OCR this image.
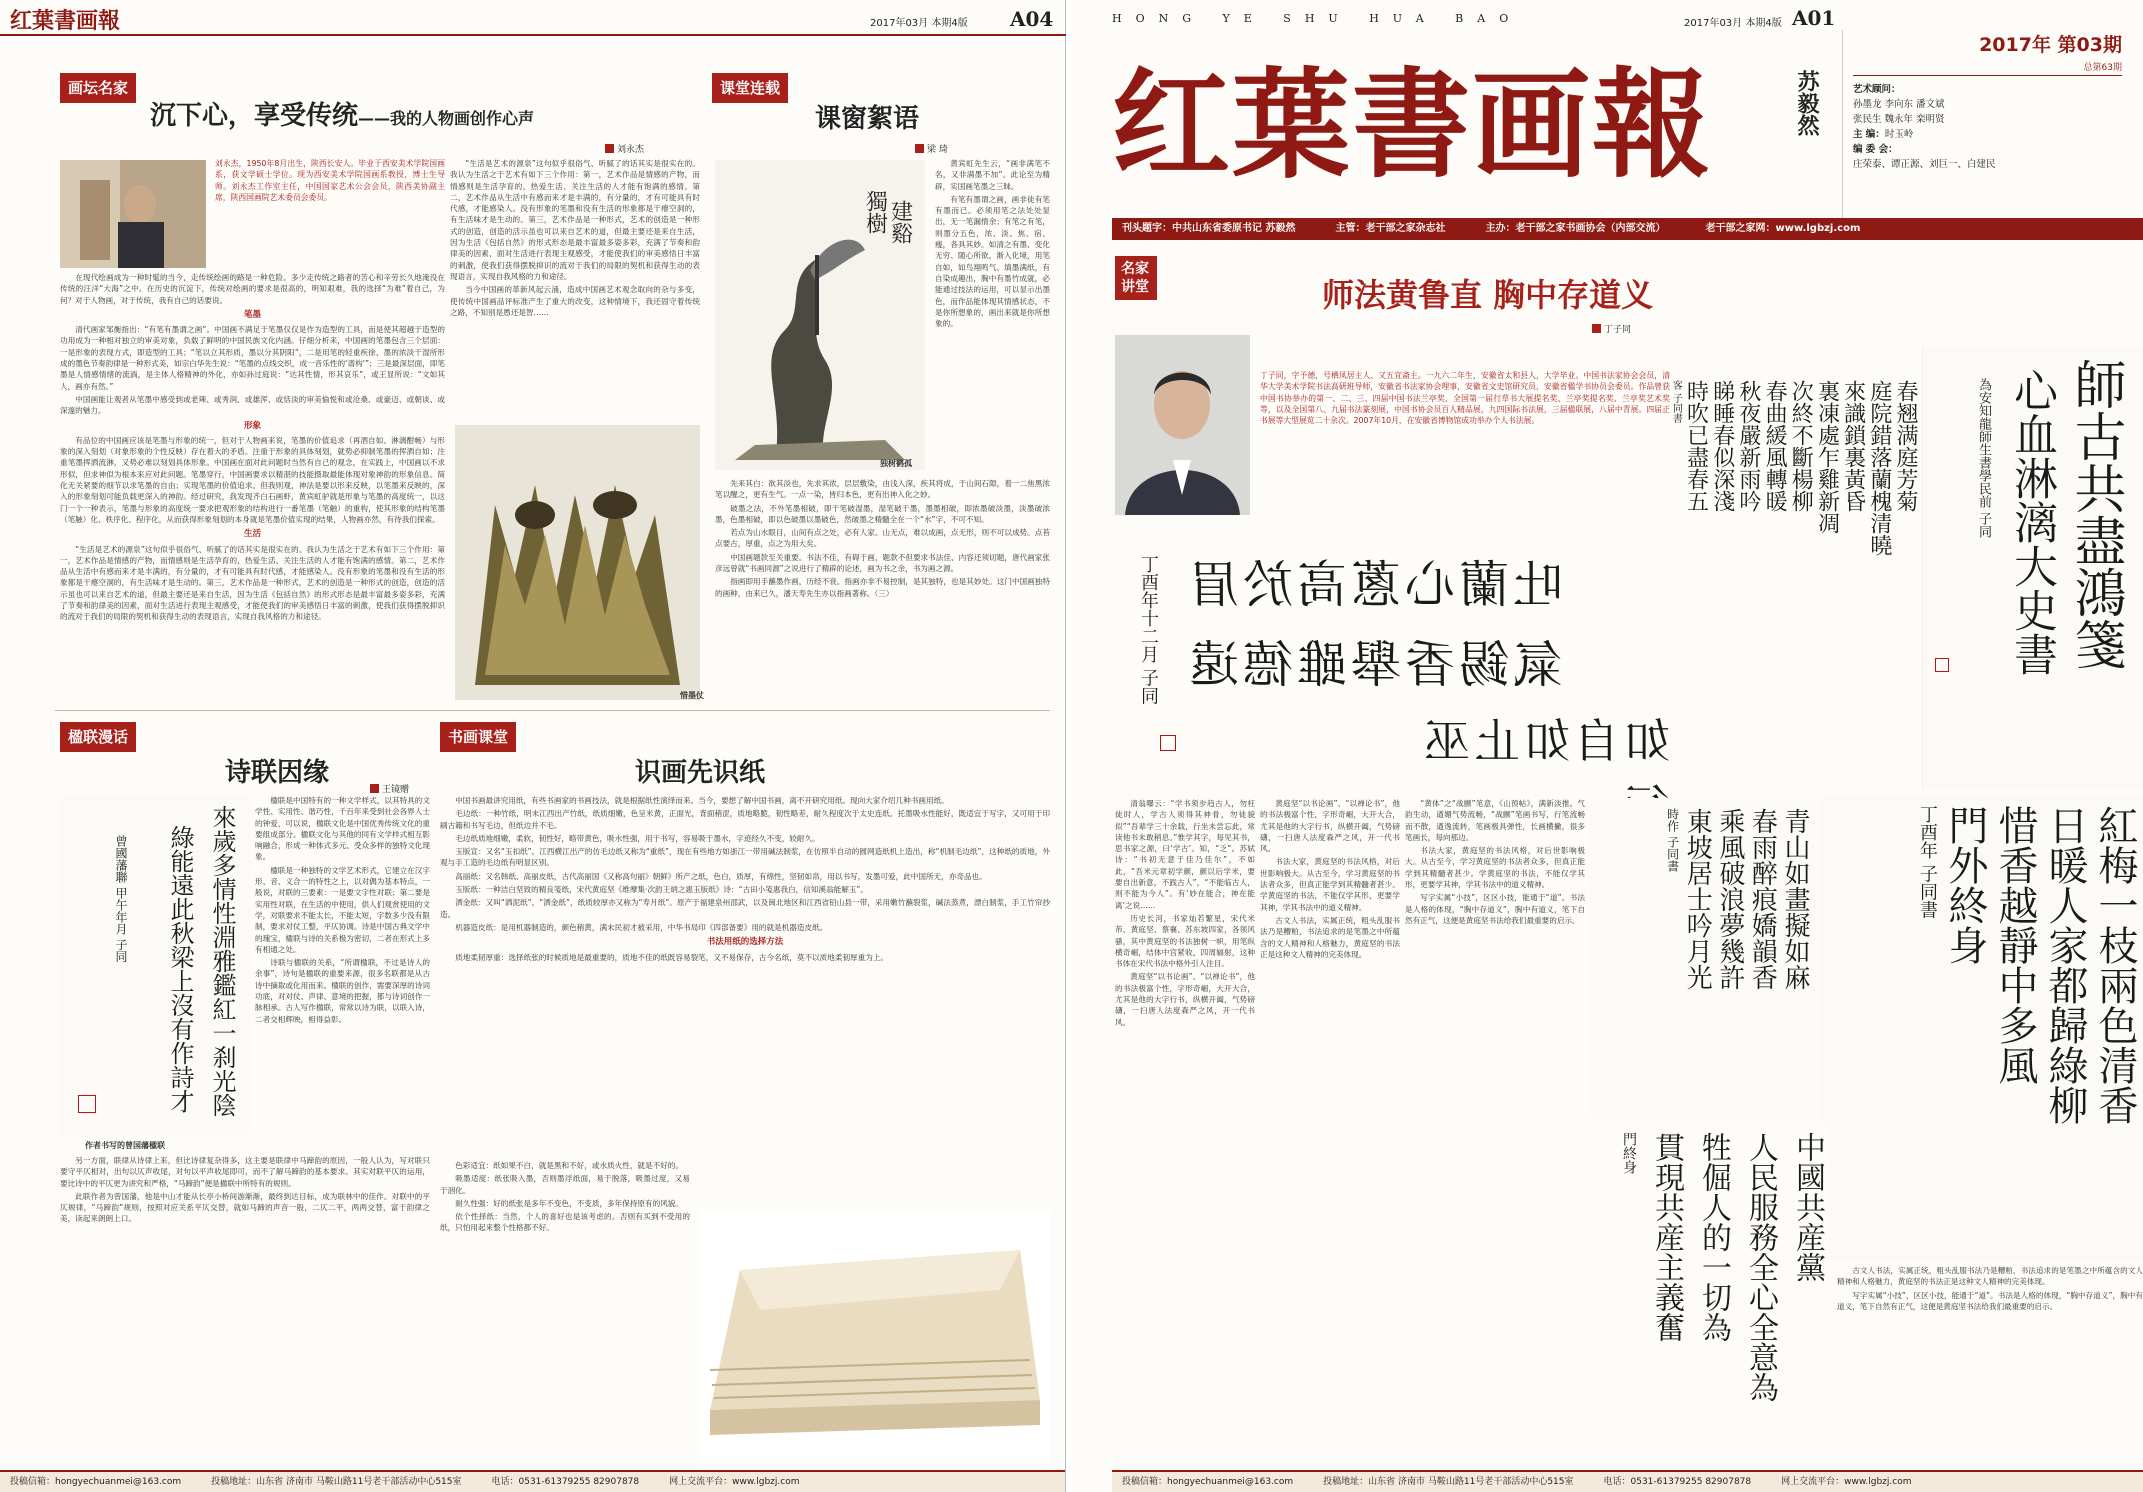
红葉書画報	2017年03月 本期4版 A04
画坛名家
沉下心，享受传统——我的人物画创作心声
刘永杰
刘永杰，1950年8月出生，陕西长安人。毕业于西安美术学院国画系，获文学硕士学位。现为西安美术学院国画系教授，博士生导师。刘永杰工作室主任，中国国家艺术公会会员，陕西美协副主席，陕西国画院艺术委员会委员。

在现代绘画成为一种时髦的当今，走传统绘画的路是一种危险。多少走传统之路者的苦心和辛劳长久地淹没在传统的汪洋“大海”之中。在历史的沉淀下，传统对绘画的要求是很高的，明知艰难，我的选择“为难”着自己，为何？对于人物画，对于传统，我有自己的话要说。

笔墨

清代画家邹衡指出：“有笔有墨谓之画”。中国画不满足于笔墨仅仅是作为造型的工具，而是使其超越于造型的功用成为一种相对独立的审美对象，负载了鲜明的中国民族文化内涵。仔细分析来，中国画的笔墨包含三个层面：一是形象的表现方式，即造型的工具；“笔以立其形质，墨以分其阴阳”，二是用笔的轻重疾徐、墨的浓淡干湿所形成的墨色节奏韵律是一种形式美，如宗白华先生说：“笔墨的点线交织，成一音乐性的‘谱构’”；三是最深层面，即笔墨是人情感情绪的流淌，是主体人格精神的外化，亦如孙过庭说：“达其性情，形其哀乐”，或王显所说：“文如其人，画亦有然。”

中国画能让观者从笔墨中感受到或老辣、或秀润、或雄浑、或恬淡的审美愉悦和或沧桑、或豪迈、或朝谈、或深邃的魅力。

形象

有品位的中国画应该是笔墨与形象的统一，但对于人物画来说，笔墨的价值追求（再酒自如、淋漓酣畅）与形象的深入刻划（对象形象的个性反映）存在着大的矛盾。注重于形象的具体刻划，就势必抑制笔墨的挥洒自如；注重笔墨挥洒流淋，又势必难以刻划具体形象。中国画在面对此问题时当然有自己的观念，在实践上，中国画以不求形似，但求神似为根本来应对此问题。笔墨穿行，中国画要求以精湛的技能摄取最能体现对象神韵的形象信息。简化无关紧要的细节以求笔墨的自由；实现笔墨的价值追求。但我则观，神法是要以形来反映，以笔墨来反映的，深入的形象刻划可能负载更深入的神韵。经过研究，我发现齐白石画虾，黄宾虹驴就是形象与笔墨的高度统一，以这门一个一种表示，笔墨与形象的高度统一要求把观形象的结构进行一番笔墨（笔触）的重构，使其形象的结构笔墨（笔触）化、秩序化、程序化，从而获得形象刻划的本身就是笔墨价值实现的结果，人物画亦然，有待我们探索。

生活

“生活是艺术的源泉”这句似乎很俗气、听腻了的话其实是很实在的。我认为生活之于艺术有如下三个作用：第一，艺术作品是情感的产物，而情感则是生活孕育的，热爱生活、关注生活的人才能有饱满的感情。第二，艺术作品从生活中有感而来才是丰满的，有分量的，才有可能具有时代感，才能感染人。没有形象的笔墨和没有生活的形象都是干瘪空洞的，有生活味才是生动的。第三，艺术作品是一种形式，艺术的创造是一种形式的创造，创造的活示虽也可以来自艺术的道，但最主要还是来自生活，因为生活《包括自然》的形式形态是最丰富最多姿多彩，充满了节奏和韵律美的因素，面对生活进行表现主观感受，才能使我们的审美感悟日丰富的刺激，使我们获得摆脱抑识的流对于我们的局限的契机和获得生动的表现语言，实现自我风格的力和途径。

“生活是艺术的源泉”这句似乎很俗气、听腻了的话其实是很实在的。我认为生活之于艺术有如下三个作用：第一，艺术作品是情感的产物，而情感则是生活孕育的，热爱生活、关注生活的人才能有饱满的感情。第二，艺术作品从生活中有感而来才是丰满的，有分量的，才有可能具有时代感，才能感染人。没有形象的笔墨和没有生活的形象都是干瘪空洞的，有生活味才是生动的。第三，艺术作品是一种形式，艺术的创造是一种形式的创造，创造的活示虽也可以来自艺术的道，但最主要还是来自生活，因为生活《包括自然》的形式形态是最丰富最多姿多彩，充满了节奏和韵律美的因素，面对生活进行表现主观感受，才能使我们的审美感悟日丰富的刺激，使我们获得摆脱抑识的流对于我们的局限的契机和获得生动的表现语言，实现自我风格的力和途径。

当今中国画的革新风起云涌，造成中国画艺术观念取向的杂与多变，使传统中国画品评标准产生了重大的改变，这种情境下，我还固守着传统之路，不知别是愚还是智……

惜墨仗
课堂连载
课窗絮语
梁 琦
建谿
獨樹
独树鹤孤

黄宾虹先生云，“画非满笔不名，又非满墨不加”。此论至为精辟，实国画笔墨之三昧。

有笔有墨谓之画，画非徒有笔有墨而已。必须用笔之法处处显出，无一笔漏惰余；有笔之有笔，则墨分五色，浓、淡、焦、宿、瘦，各具其妙。如清之有墨、变化无穷、随心所欲，渐入化境，用笔自如，如鸟翔鸣气、填墨满纸，有自染成趣出，胸中有墨竹成就，必能通过技法的运用，可以显示出墨色，而作品能体现其情感状态，不是你所想象的，画出来就是你所想象的。

先来其白：欲其淡也，先求其浓，层层敷染，由浅入深，疾其将成，于山间石隙，着一二焦黑浓笔以醒之，更有生气。一点一染，皆归本色，更有出神入化之妙。

破墨之法，不外笔墨相破，即干笔破湿墨，湿笔破干墨，墨墨相破，即浓墨破淡墨，淡墨破浓墨，色墨相破，即以色破墨以墨破色，然破墨之精髓全在一个“水”字，不可不知。

若点为山水眼目，山间有点之处，必有人家。山无点，难以成画，点无形，则不可以成势。点苔点要古，厚重，点之为用大矣。

中国画题款至关重要。书法不佳，有碍于画，题款不但要求书法佳、内容还须切题，唐代画家张彦远曾就“书画同源”之说进行了精辟的论述，画为书之余，书为画之源。

指画即用手蘸墨作画，历经不衰。指画亦非不易控制，是其独特，也是其妙处。这门中国画独特的画种，由来已久，潘天寿先生亦以指画著称。（三）

楹联漫话
诗联因缘
王镜赠
來歲多情性淵雅鑑紅一刹光陰
綠能遠此秋梁上沒有作詩才
曾國藩聯 甲午年月 子同
作者书写的曾国藩楹联

楹联是中国特有的一种文学样式，以其特具的文学性、实用性、谐巧性，千百年来受到社会各界人士的钟爱，可以说，楹联文化是中国优秀传统文化的重要组成部分。楹联文化与其他的同有文学样式相互影响融合，形成一种体式多元、受众多样的独特文化现象。

楹联是一种独特的文学艺术形式，它建立在汉字形、音、义合一的特性之上，以对偶为基本特点，一般说，对联的三要素：一是要文字性对联；第二要是实用性对联，在生活的中使用，供人们观赏使用的文学，对联要求不能太长，不能太短，字数多少没有限制，要求对仗工整，平仄协调。诗是中国古典文学中的瑰宝，楹联与诗的关系极为密切，二者在形式上多有相通之处。

诗联与楹联的关系，“所谓楹联，不过是诗人的余事”，诗句是楹联的重要来源，很多名联都是从古诗中摘取或化用而来。楹联的创作，需要深厚的诗词功底，对对仗、声律、意境的把握，都与诗词创作一脉相承。古人写作楹联，常常以诗为联，以联入诗，二者交相辉映，相得益彰。

另一方面，联律从诗律上来，但比诗律复杂得多，这主要是联律中马蹄韵的原因，一般人认为，写对联只要守平仄相对，出句以仄声收尾，对句以平声收尾即可，而不了解马蹄韵的基本要求。其实对联平仄的运用，要比诗中的平仄更为讲究和严格，“马蹄韵”便是楹联中所特有的规则。

此联作者为曾国藩，他是中山才能从长亭小桥间游渐渐，最终到达目标，成为联林中的佳作。对联中的平仄规律，“马蹄韵”规则，按照对应关系平仄交替，就如马蹄的声音一般，二仄二平，两两交替，富于韵律之美，读起来朗朗上口。

书画课堂
识画先识纸

中国书画最讲究用纸，有些书画家的书画技法，就是根据纸性演绎而来。当今，要想了解中国书画，离不开研究用纸。现向大家介绍几种书画用纸。

毛边纸：一种竹纸，明末江西出产竹纸，纸质细嫩，色呈米黄，正面光，背面稍涩，质地略脆，韧性略差，耐久程度次于太史连纸。托墨吸水性能好，既适宜于写字，又可用于印刷古籍和书写毛边，但纸边并不毛。

毛边纸质地细嫩，柔软，韧性好，略带黄色，吸水性强，用于书写，容易吸于墨水，字迹经久不变，较耐久。

玉版宣：又名“玉扣纸”。江西横江出产的仿毛边纸又称为“重纸”，现在有些地方如浙江一带用碱法制浆，在仿照半自动的圆网造纸机上造出，称“机制毛边纸”，这种纸的质地，外观与手工造的毛边纸有明显区别。

高丽纸：又名韩纸、高丽皮纸，古代高丽国《又称高句丽》朝鲜》所产之纸，色白，质厚，有绵性，坚韧如帛，用以书写，发墨可爱，此中国所无，亦奇品也。

玉版纸：一种洁白坚致的精良笺纸，宋代黄庭坚《维摩集·次韵王炳之惠玉版纸》诗：“古田小笺惠我白，信知溪翁能解玉”。

洒金纸：又叫“洒泥纸”、“洒金纸”，纸质较厚亦又称为“寿月纸”。原产于福建泉州邵武，以及闽北地区和江西省铅山县一带，采用嫩竹蘸裂浆，碱法蒸煮，漂白制浆，手工竹帘抄造。

机器造皮纸：是用机器制造的，颜色稍黄，满未民初才被采用，中华书局印《四部备要》用的就是机器造皮纸。

书法用纸的选择方法

质地柔韧厚重：选择纸张的时候质地是最重要的，质地不佳的纸既容易裂笔，又不易保存，古今名纸，莫不以质地柔韧厚重为上。

色彩适宜：纸如果不白，就是黑和不好，或水质火性，就是不好的。

吸墨适度：纸张吸入墨，否则墨浮纸面，易于脱落，吸墨过度，又易于洇化。

耐久性强：好的纸张是多年不变色，不变质，多年保持原有的风貌。

依个性择纸：当然，个人的喜好也是该考虑的。否则有买到不受用的纸，只怕用起来整个性格都不好。

投稿信箱：hongyechuanmei@163.com	投稿地址：山东省 济南市 马鞍山路11号老干部活动中心515室	电话：0531-61379255 82907878	网上交流平台：www.lgbzj.com
HONG YE SHU HUA BAO	2017年03月 本期4版 A01
红葉書画報	苏毅然
2017年 第03期
总第63期
艺术顾问：
孙墨龙 李向东 潘文斌
张民生 魏永年 栾明贤
主 编：时玉岭
编 委 会：
庄荣泰、谭正源、刘巨一、白建民
刊头题字：中共山东省委原书记 苏毅然	主管：老干部之家杂志社	主办：老干部之家书画协会（内部交流）	老干部之家网：www.lgbzj.com
名家讲堂	师法黄鲁直 胸中存道义
丁子同
丁子同，字予德，号栖凤居主人、又五宜斋主。一九六二年生，安徽省太和县人，大学毕业。中国书法家协会会员，清华大学美术学院书法高研班导师，安徽省书法家协会理事，安徽省文史馆研究员，安徽省楹学书协员会委员。作品曾获中国书协举办的第一、二、三、四届中国书法兰亭奖，全国第一届行草书大展提名奖、兰亭奖提名奖、兰亭奖艺术奖等，以及全国第八、九届书法篆刻展，中国书协会员百人精品展，九四国际书法展，三届楹联展，八届中青展。四届正书展等大型展览二十余次。2007年10月，在安徽省博物馆成功举办个人书法展。
吐蘭心蔥高於眉
氣錫香舉雖德遠
如自如止巫
丁酉年十二月 子同
春翘满庭芳菊
庭院錯落蘭槐清曉
來識鎖裏黃昏
裏凍處乍雞新凋
次終不斷楊柳
春曲緩風轉暖
秋夜嚴新雨吟
睇睡春似深淺
時吹已盡春五
客 子同書	師古共盡鴻箋
心血淋漓大史書
為安知龍師生書學民前 子同

清翁曝云：“学书须步趋古人，勿枉徒时人，学古人须得其神骨，勿徒貌似”“吾辈学三十余载，行坐未尝忘此，常读他书未敢稍息。”惟学其字，每见其书，思书家之源，曰‘学古’。知，“乏”。苏轼诗：“书初无意于佳乃佳尔”，不如此，“吾米元章初学颜，颜以后学米，要要自出新意，不践古人”，“不能临古人，则不能为今人”。有‘妙在能合，神在能离’之说……

历史长河，书家灿若繁星，宋代米芾、黄庭坚、蔡襄、苏东坡四家，各领风骚，其中黄庭坚的书法独树一帜，用笔纵横奇崛，结体中宫紧收，四周辐射，这种书体在宋代书法中格外引人注目。

黄庭坚“以书论画”、“以禅论书”，他的书法极富个性，字形奇崛，大开大合，尤其是他的大字行书，纵横开阖，气势磅礴，一扫唐人法度森严之风，开一代书风。

黄庭坚“以书论画”、“以禅论书”，他的书法极富个性，字形奇崛，大开大合，尤其是他的大字行书，纵横开阖，气势磅礴，一扫唐人法度森严之风，开一代书风。

书法大家，黄庭坚的书法风格，对后世影响极大。从古至今，学习黄庭坚的书法者众多，但真正能学到其精髓者甚少。学黄庭坚的书法，不能仅学其形，更要学其神，学其书法中的道义精神。

古文人书法，实属正统，粗头乱服书法乃是糟粕，书法追求的是笔墨之中所蕴含的文人精神和人格魅力，黄庭坚的书法正是这种文人精神的完美体现。

“黄体”之“战颤”笔意，《山预帖》，满新淡推。气韵生动，遒媚气势流畅，“战颤”笔画书写，行笔流畅而不散，遒逸流转，笔画极具弹性，长画横撇，很多笔画长，每向那边。

书法大家，黄庭坚的书法风格，对后世影响极大。从古至今，学习黄庭坚的书法者众多，但真正能学到其精髓者甚少。学黄庭坚的书法，不能仅学其形，更要学其神，学其书法中的道义精神。

写字实属“小技”，区区小技，能通于“道”。书法是人格的体现，“胸中存道义”，胸中有道义，笔下自然有正气，这便是黄庭坚书法给我们最重要的启示。	青山如畫擬如麻
春雨醉痕嬌韻香
乘風破浪夢幾許
東坡居士吟月光
時作 子同書	紅梅一枝兩色清香
日暖人家都歸綠柳
惜香越靜中多風
門外終身
丁酉年 子同書
中國共産黨
人民服務全心全意為
牲倔人的一切為
貫現共産主義奮
門終身

古文人书法，实属正统，粗头乱服书法乃是糟粕，书法追求的是笔墨之中所蕴含的文人精神和人格魅力，黄庭坚的书法正是这种文人精神的完美体现。

写字实属“小技”，区区小技，能通于“道”。书法是人格的体现，“胸中存道义”，胸中有道义，笔下自然有正气，这便是黄庭坚书法给我们最重要的启示。

投稿信箱：hongyechuanmei@163.com	投稿地址：山东省 济南市 马鞍山路11号老干部活动中心515室	电话：0531-61379255 82907878	网上交流平台：www.lgbzj.com
